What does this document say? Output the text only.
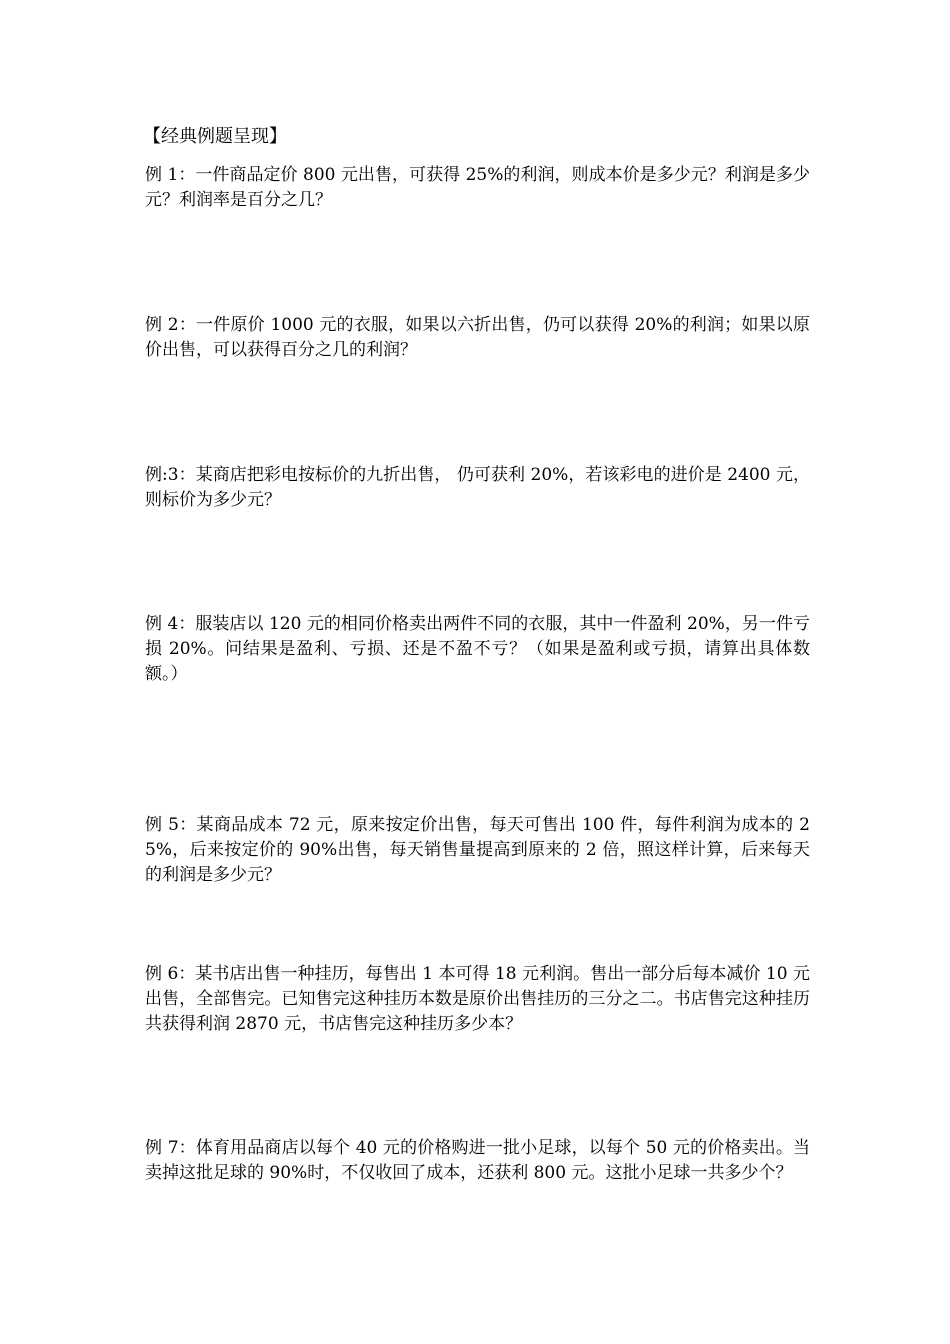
【经典例题呈现】
例 1：一件商品定价 800 元出售，可获得 25%的利润，则成本价是多少元？利润是多少元？利润率是百分之几？
例 2：一件原价 1000 元的衣服，如果以六折出售，仍可以获得 20%的利润；如果以原价出售，可以获得百分之几的利润？
例:3：某商店把彩电按标价的九折出售， 仍可获利 20%，若该彩电的进价是 2400 元，则标价为多少元？
例 4：服装店以 120 元的相同价格卖出两件不同的衣服，其中一件盈利 20%，另一件亏损 20%。问结果是盈利、亏损、还是不盈不亏？（如果是盈利或亏损，请算出具体数额。）
例 5：某商品成本 72 元，原来按定价出售，每天可售出 100 件，每件利润为成本的 25%，后来按定价的 90%出售，每天销售量提高到原来的 2 倍，照这样计算，后来每天的利润是多少元？
例 6：某书店出售一种挂历，每售出 1 本可得 18 元利润。售出一部分后每本减价 10 元出售，全部售完。已知售完这种挂历本数是原价出售挂历的三分之二。书店售完这种挂历共获得利润 2870 元，书店售完这种挂历多少本？
例 7：体育用品商店以每个 40 元的价格购进一批小足球，以每个 50 元的价格卖出。当卖掉这批足球的 90%时，不仅收回了成本，还获利 800 元。这批小足球一共多少个？
